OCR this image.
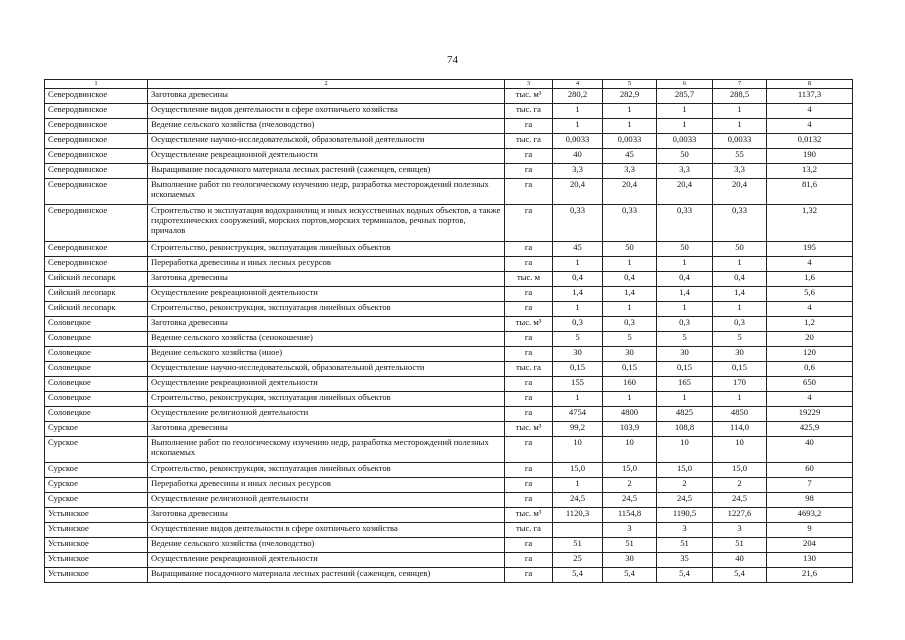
74
1	2	3	4	5	6	7	8
Северодвинское	Заготовка древесины	тыс. м³	280,2	282,9	285,7	288,5	1137,3
Северодвинское	Осуществление видов деятельности в сфере охотничьего хозяйства	тыс. га	1	1	1	1	4
Северодвинское	Ведение сельского хозяйства (пчеловодство)	га	1	1	1	1	4
Северодвинское	Осуществление научно-исследовательской, образовательной деятельности	тыс. га	0,0033	0,0033	0,0033	0,0033	0,0132
Северодвинское	Осуществление рекреационной деятельности	га	40	45	50	55	190
Северодвинское	Выращивание посадочного материала лесных растений (саженцев, сеянцев)	га	3,3	3,3	3,3	3,3	13,2
Северодвинское	Выполнение работ по геологическому изучению недр, разработка месторождений полезных ископаемых	га	20,4	20,4	20,4	20,4	81,6
Северодвинское	Строительство и эксплуатация водохранилищ и иных искусственных водных объектов, а также гидротехнических сооружений, морских портов,морских терминалов, речных портов, причалов	га	0,33	0,33	0,33	0,33	1,32
Северодвинское	Строительство, реконструкция, эксплуатация линейных объектов	га	45	50	50	50	195
Северодвинское	Переработка древесины и иных лесных ресурсов	га	1	1	1	1	4
Сийский лесопарк	Заготовка древесины	тыс. м	0,4	0,4	0,4	0,4	1,6
Сийский лесопарк	Осуществление рекреационной деятельности	га	1,4	1,4	1,4	1,4	5,6
Сийский лесопарк	Строительство, реконструкция, эксплуатация линейных объектов	га	1	1	1	1	4
Соловецкое	Заготовка древесины	тыс. м³	0,3	0,3	0,3	0,3	1,2
Соловецкое	Ведение сельского хозяйства (сенокошение)	га	5	5	5	5	20
Соловецкое	Ведение сельского хозяйства (иное)	га	30	30	30	30	120
Соловецкое	Осуществление научно-исследовательской, образовательной деятельности	тыс. га	0,15	0,15	0,15	0,15	0,6
Соловецкое	Осуществление рекреационной деятельности	га	155	160	165	170	650
Соловецкое	Строительство, реконструкция, эксплуатация линейных объектов	га	1	1	1	1	4
Соловецкое	Осуществление религиозной деятельности	га	4754	4800	4825	4850	19229
Сурское	Заготовка древесины	тыс. м³	99,2	103,9	108,8	114,0	425,9
Сурское	Выполнение работ по геологическому изучению недр, разработка месторождений полезных ископаемых	га	10	10	10	10	40
Сурское	Строительство, реконструкция, эксплуатация линейных объектов	га	15,0	15,0	15,0	15,0	60
Сурское	Переработка древесины и иных лесных ресурсов	га	1	2	2	2	7
Сурское	Осуществление религиозной деятельности	га	24,5	24,5	24,5	24,5	98
Устьянское	Заготовка древесины	тыс. м³	1120,3	1154,8	1190,5	1227,6	4693,2
Устьянское	Осуществление видов деятельности в сфере охотничьего хозяйства	тыс. га		3	3	3	9
Устьянское	Ведение сельского хозяйства (пчеловодство)	га	51	51	51	51	204
Устьянское	Осуществление рекреационной деятельности	га	25	30	35	40	130
Устьянское	Выращивание посадочного материала лесных растений (саженцев, сеянцев)	га	5,4	5,4	5,4	5,4	21,6
